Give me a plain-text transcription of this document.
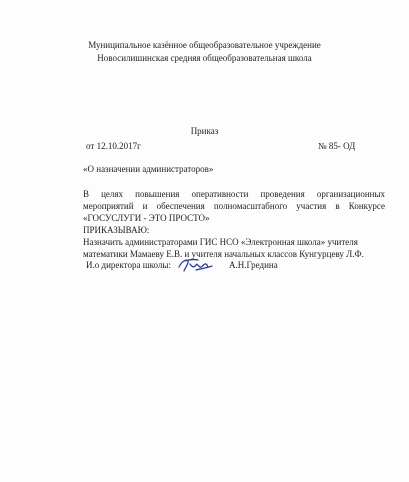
Муниципальное казённое общеобразовательное учреждение
Новосилишинская средняя общеобразовательная школа
Приказ
от 12.10.2017г	№ 85- ОД
«О назначении администраторов»
В целях повышения оперативности проведения организационных
мероприятий и обеспечения полномасштабного участия в Конкурсе
«ГОСУСЛУГИ - ЭТО ПРОСТО»
ПРИКАЗЫВАЮ:
Назначить администраторами ГИС НСО «Электронная школа» учителя
математики Мамаеву Е.В. и учителя начальных классов Кунгурцеву Л.Ф.
И.о директора школы:	А.Н.Гредина
